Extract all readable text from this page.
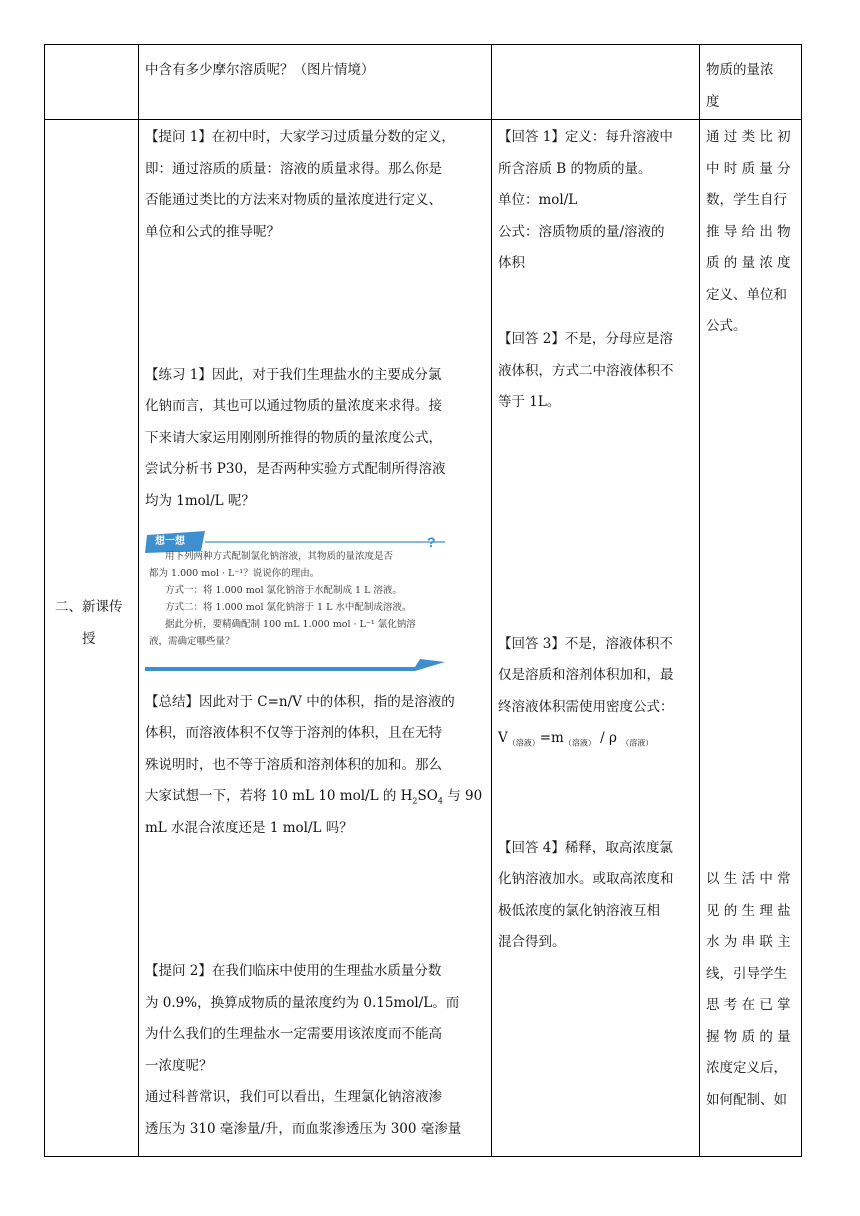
中含有多少摩尔溶质呢？（图片情境）	物质的量浓
度
二、新课传
授
【提问 1】在初中时，大家学习过质量分数的定义，
即：通过溶质的质量：溶液的质量求得。那么你是
否能通过类比的方法来对物质的量浓度进行定义、
单位和公式的推导呢？
【练习 1】因此，对于我们生理盐水的主要成分氯
化钠而言，其也可以通过物质的量浓度来求得。接
下来请大家运用刚刚所推得的物质的量浓度公式，
尝试分析书 P30，是否两种实验方式配制所得溶液
均为 1mol/L 呢？
?
想一想
用下列两种方式配制氯化钠溶液，其物质的量浓度是否
都为 1.000 mol · L⁻¹？说说你的理由。
方式一：将 1.000 mol 氯化钠溶于水配制成 1 L 溶液。
方式二：将 1.000 mol 氯化钠溶于 1 L 水中配制成溶液。
据此分析，要精确配制 100 mL 1.000 mol · L⁻¹ 氯化钠溶
液，需确定哪些量？
【总结】因此对于 C=n/V 中的体积，指的是溶液的
体积，而溶液体积不仅等于溶剂的体积，且在无特
殊说明时，也不等于溶质和溶剂体积的加和。那么
大家试想一下，若将 10 mL 10 mol/L 的 $H_2SO_4$ 与 90
mL 水混合浓度还是 1 mol/L 吗？
【提问 2】在我们临床中使用的生理盐水质量分数
为 0.9%，换算成物质的量浓度约为 0.15mol/L。而
为什么我们的生理盐水一定需要用该浓度而不能高
一浓度呢？
通过科普常识，我们可以看出，生理氯化钠溶液渗
透压为 310 毫渗量/升，而血浆渗透压为 300 毫渗量
【回答 1】定义：每升溶液中
所含溶质 B 的物质的量。
单位：mol/L
公式：溶质物质的量/溶液的
体积
【回答 2】不是，分母应是溶
液体积，方式二中溶液体积不
等于 1L。
【回答 3】不是，溶液体积不
仅是溶质和溶剂体积加和，最
终溶液体积需使用密度公式：
$V_{(溶液)}=m_{(溶液)} / \rho$ $_{(溶液)}$
【回答 4】稀释，取高浓度氯
化钠溶液加水。或取高浓度和
极低浓度的氯化钠溶液互相
混合得到。
通 过 类 比 初
中 时 质 量 分
数，学生自行
推 导 给 出 物
质 的 量 浓 度
定义、单位和
公式。
以 生 活 中 常
见 的 生 理 盐
水 为 串 联 主
线，引导学生
思 考 在 已 掌
握 物 质 的 量
浓度定义后，
如何配制、如
